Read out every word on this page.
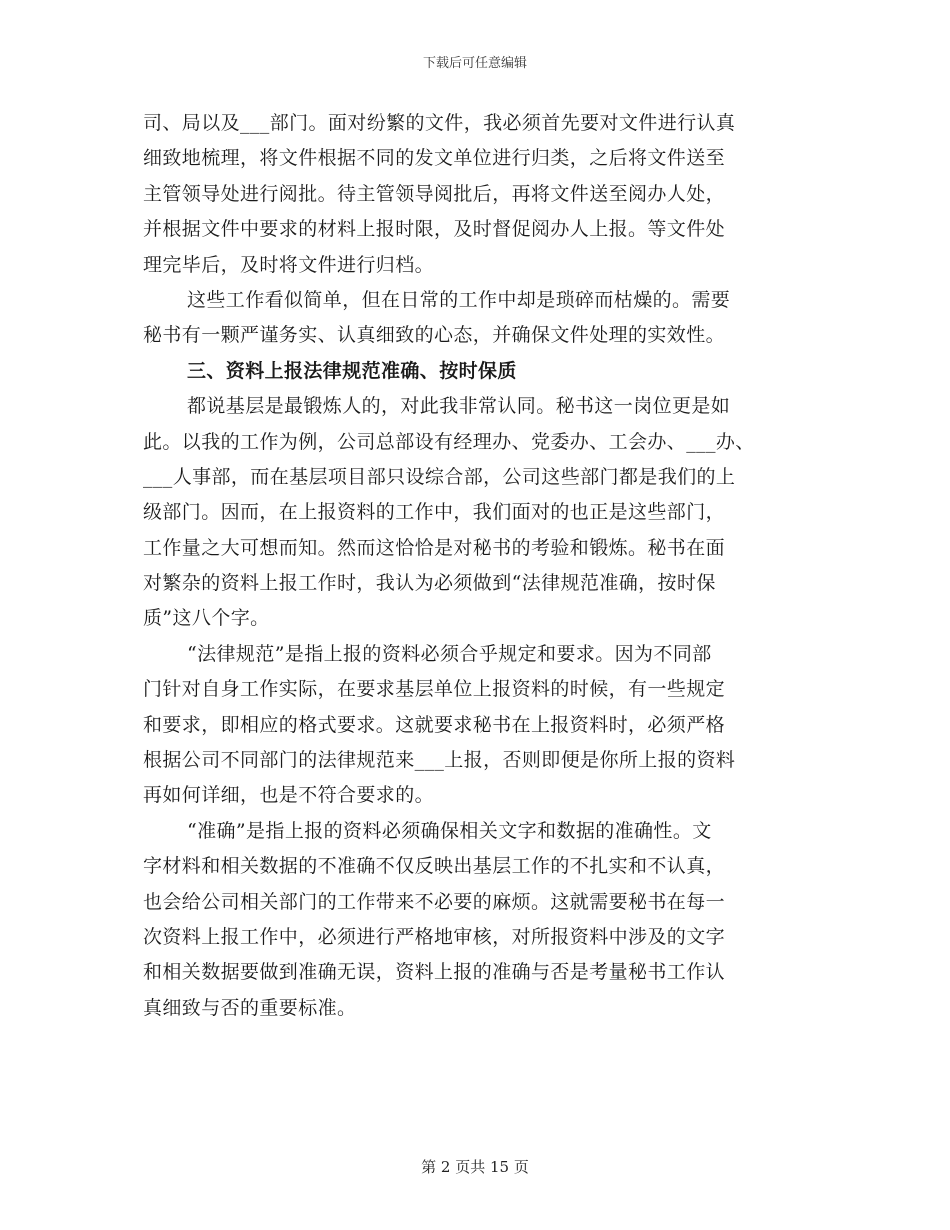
下载后可任意编辑
司、局以及___部门。面对纷繁的文件，我必须首先要对文件进行认真
细致地梳理，将文件根据不同的发文单位进行归类，之后将文件送至
主管领导处进行阅批。待主管领导阅批后，再将文件送至阅办人处，
并根据文件中要求的材料上报时限，及时督促阅办人上报。等文件处
理完毕后，及时将文件进行归档。
这些工作看似简单，但在日常的工作中却是琐碎而枯燥的。需要
秘书有一颗严谨务实、认真细致的心态，并确保文件处理的实效性。
三、资料上报法律规范准确、按时保质
都说基层是最锻炼人的，对此我非常认同。秘书这一岗位更是如
此。以我的工作为例，公司总部设有经理办、党委办、工会办、___办、
___人事部，而在基层项目部只设综合部，公司这些部门都是我们的上
级部门。因而，在上报资料的工作中，我们面对的也正是这些部门，
工作量之大可想而知。然而这恰恰是对秘书的考验和锻炼。秘书在面
对繁杂的资料上报工作时，我认为必须做到“法律规范准确，按时保
质”这八个字。
“法律规范”是指上报的资料必须合乎规定和要求。因为不同部
门针对自身工作实际，在要求基层单位上报资料的时候，有一些规定
和要求，即相应的格式要求。这就要求秘书在上报资料时，必须严格
根据公司不同部门的法律规范来___上报，否则即便是你所上报的资料
再如何详细，也是不符合要求的。
“准确”是指上报的资料必须确保相关文字和数据的准确性。文
字材料和相关数据的不准确不仅反映出基层工作的不扎实和不认真，
也会给公司相关部门的工作带来不必要的麻烦。这就需要秘书在每一
次资料上报工作中，必须进行严格地审核，对所报资料中涉及的文字
和相关数据要做到准确无误，资料上报的准确与否是考量秘书工作认
真细致与否的重要标准。
第 2 页共 15 页
